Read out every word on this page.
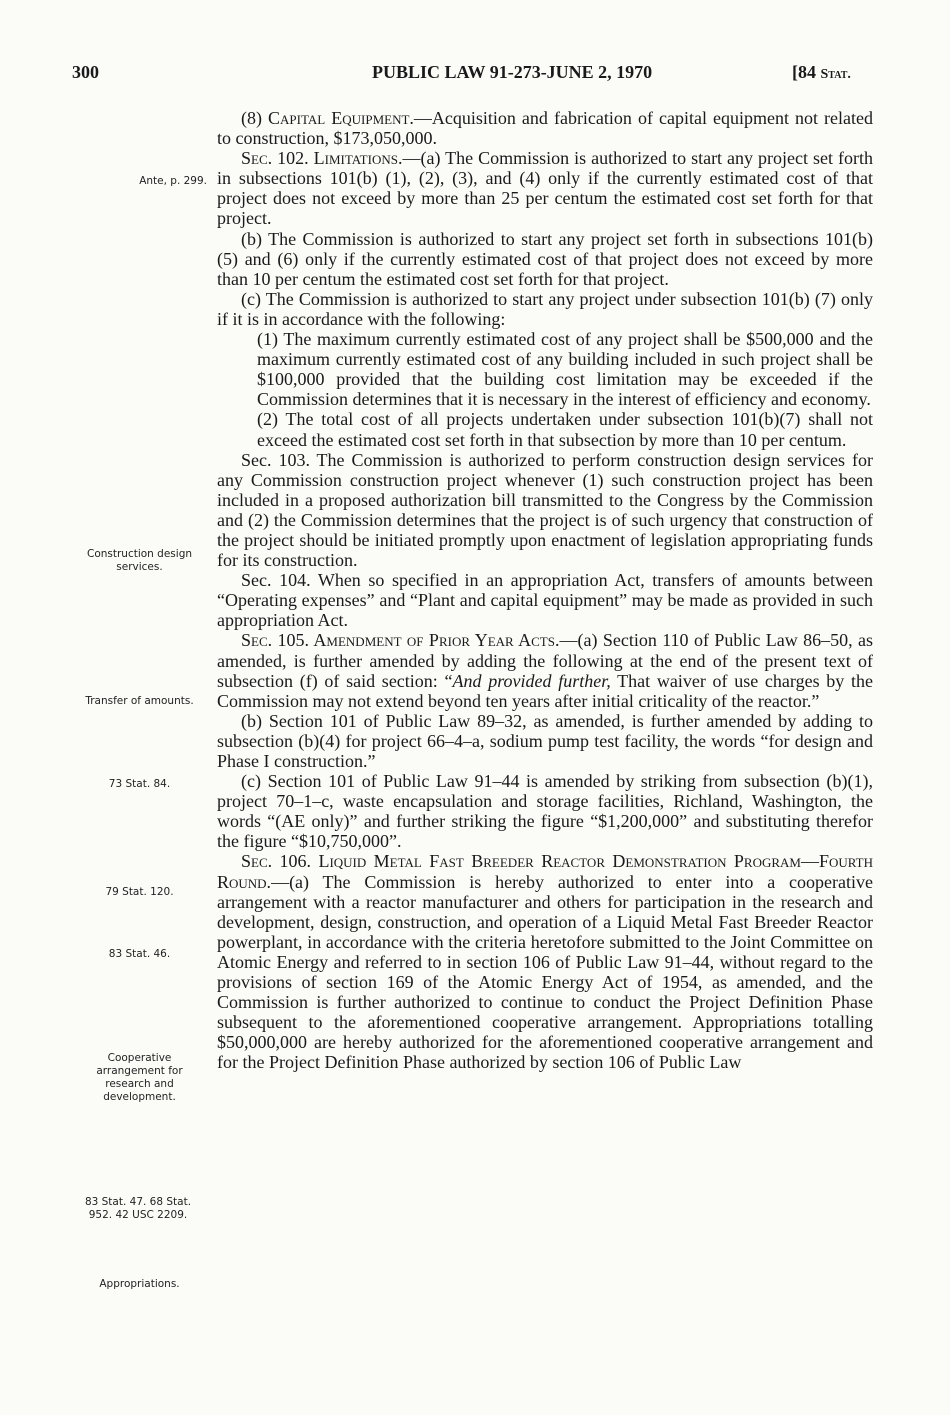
300	PUBLIC LAW 91-273-JUNE 2, 1970	[84 Stat.
Ante, p. 299.
Construction design services.
Transfer of amounts.
73 Stat. 84.
79 Stat. 120.
83 Stat. 46.
Cooperative arrangement for research and development.
83 Stat. 47. 68 Stat. 952. 42 USC 2209.
Appropriations.

(8) Capital Equipment.—Acquisition and fabrication of capital equipment not related to construction, $173,050,000.

Sec. 102. Limitations.—(a) The Commission is authorized to start any project set forth in subsections 101(b) (1), (2), (3), and (4) only if the currently estimated cost of that project does not exceed by more than 25 per centum the estimated cost set forth for that project.

(b) The Commission is authorized to start any project set forth in subsections 101(b) (5) and (6) only if the currently estimated cost of that project does not exceed by more than 10 per centum the estimated cost set forth for that project.

(c) The Commission is authorized to start any project under subsection 101(b) (7) only if it is in accordance with the following:

(1) The maximum currently estimated cost of any project shall be $500,000 and the maximum currently estimated cost of any building included in such project shall be $100,000 provided that the building cost limitation may be exceeded if the Commission determines that it is necessary in the interest of efficiency and economy.

(2) The total cost of all projects undertaken under subsection 101(b)(7) shall not exceed the estimated cost set forth in that subsection by more than 10 per centum.

Sec. 103. The Commission is authorized to perform construction design services for any Commission construction project whenever (1) such construction project has been included in a proposed authorization bill transmitted to the Congress by the Commission and (2) the Commission determines that the project is of such urgency that construction of the project should be initiated promptly upon enactment of legislation appropriating funds for its construction.

Sec. 104. When so specified in an appropriation Act, transfers of amounts between “Operating expenses” and “Plant and capital equipment” may be made as provided in such appropriation Act.

Sec. 105. Amendment of Prior Year Acts.—(a) Section 110 of Public Law 86–50, as amended, is further amended by adding the following at the end of the present text of subsection (f) of said section: “And provided further, That waiver of use charges by the Commission may not extend beyond ten years after initial criticality of the reactor.”

(b) Section 101 of Public Law 89–32, as amended, is further amended by adding to subsection (b)(4) for project 66–4–a, sodium pump test facility, the words “for design and Phase I construction.”

(c) Section 101 of Public Law 91–44 is amended by striking from subsection (b)(1), project 70–1–c, waste encapsulation and storage facilities, Richland, Washington, the words “(AE only)” and further striking the figure “$1,200,000” and substituting therefor the figure “$10,750,000”.

Sec. 106. Liquid Metal Fast Breeder Reactor Demonstration Program—Fourth Round.—(a) The Commission is hereby authorized to enter into a cooperative arrangement with a reactor manufacturer and others for participation in the research and development, design, construction, and operation of a Liquid Metal Fast Breeder Reactor powerplant, in accordance with the criteria heretofore submitted to the Joint Committee on Atomic Energy and referred to in section 106 of Public Law 91–44, without regard to the provisions of section 169 of the Atomic Energy Act of 1954, as amended, and the Commission is further authorized to continue to conduct the Project Definition Phase subsequent to the aforementioned cooperative arrangement. Appropriations totalling $50,000,000 are hereby authorized for the aforementioned cooperative arrangement and for the Project Definition Phase authorized by section 106 of Public Law
